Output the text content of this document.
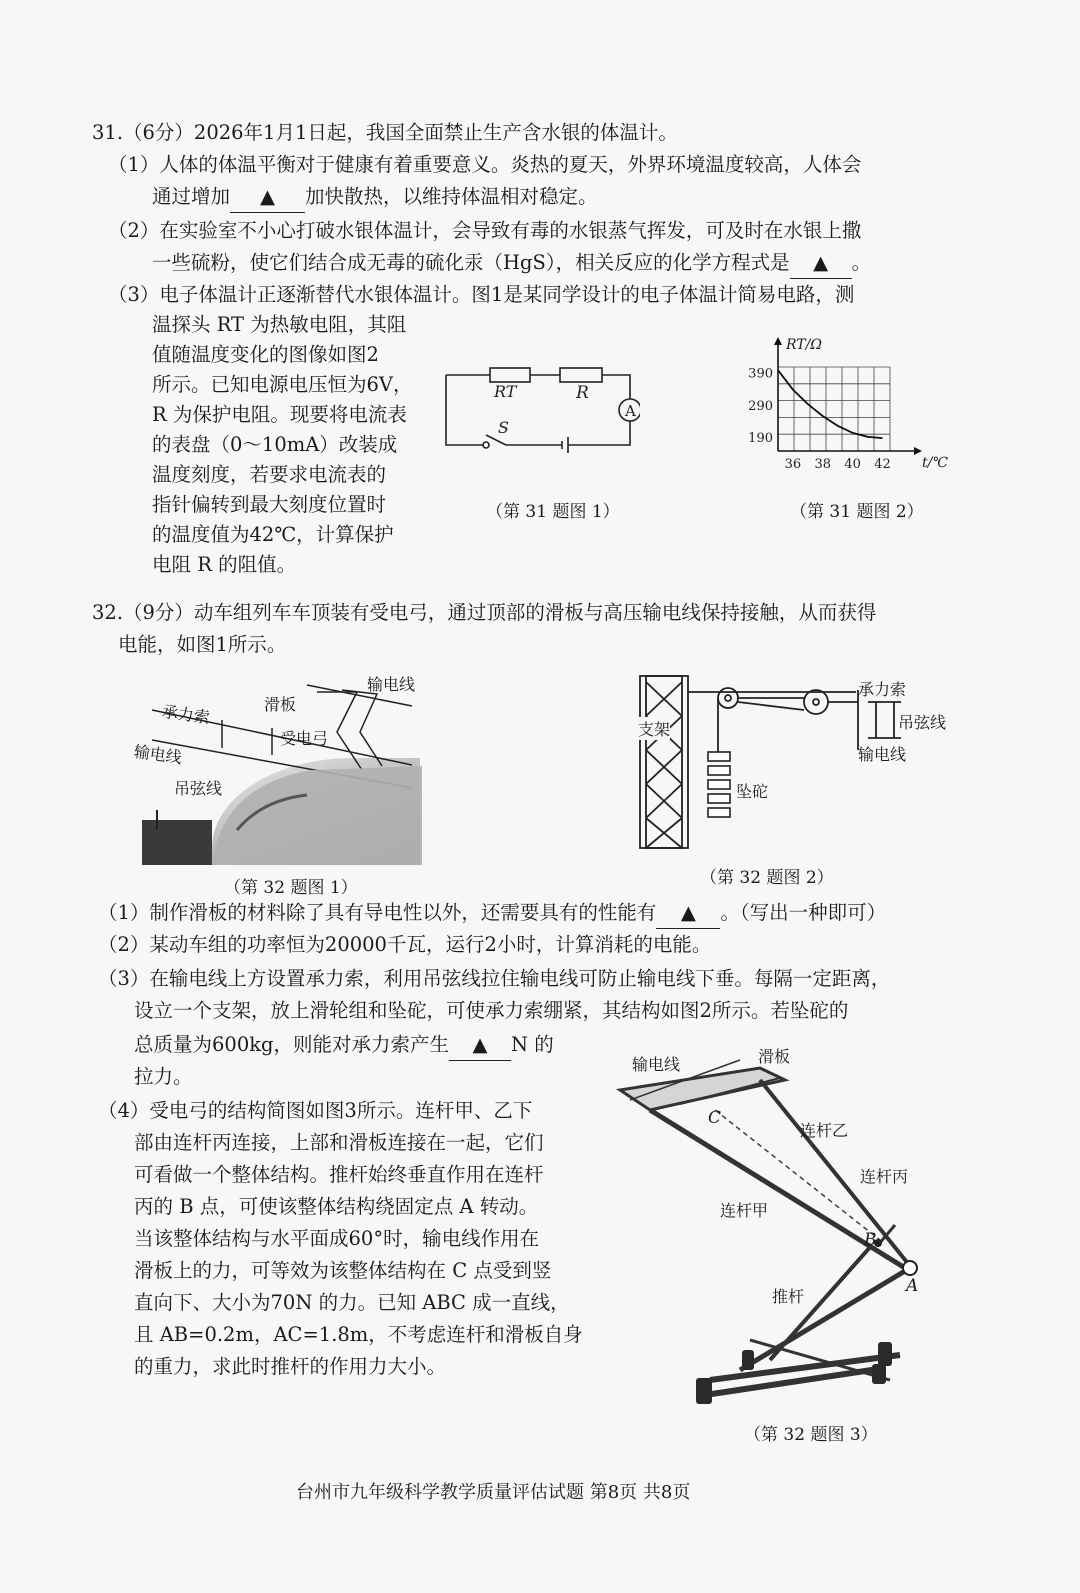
31.（6分）2026年1月1日起，我国全面禁止生产含水银的体温计。
（1）人体的体温平衡对于健康有着重要意义。炎热的夏天，外界环境温度较高，人体会
通过增加 ▲ 加快散热，以维持体温相对稳定。
（2）在实验室不小心打破水银体温计，会导致有毒的水银蒸气挥发，可及时在水银上撒
一些硫粉，使它们结合成无毒的硫化汞（HgS），相关反应的化学方程式是 ▲ 。
（3）电子体温计正逐渐替代水银体温计。图1是某同学设计的电子体温计简易电路，测
温探头 RT 为热敏电阻，其阻
值随温度变化的图像如图2
所示。已知电源电压恒为6V，
R 为保护电阻。现要将电流表
的表盘（0～10mA）改装成
温度刻度，若要求电流表的
指针偏转到最大刻度位置时
的温度值为42℃，计算保护
电阻 R 的阻值。
RT	R
A
S
（第 31 题图 1）
36 38 40 42
190
290
390
RT/Ω
t/℃
（第 31 题图 2）
32.（9分）动车组列车车顶装有受电弓，通过顶部的滑板与高压输电线保持接触，从而获得
电能，如图1所示。
输电线
滑板
承力索
受电弓
输电线
吊弦线
（第 32 题图 1）
支架
坠砣
承力索
吊弦线
输电线
（第 32 题图 2）
（1）制作滑板的材料除了具有导电性以外，还需要具有的性能有 ▲ 。（写出一种即可）
（2）某动车组的功率恒为20000千瓦，运行2小时，计算消耗的电能。
（3）在输电线上方设置承力索，利用吊弦线拉住输电线可防止输电线下垂。每隔一定距离，
设立一个支架，放上滑轮组和坠砣，可使承力索绷紧，其结构如图2所示。若坠砣的
总质量为600kg，则能对承力索产生 ▲ N 的
拉力。
（4）受电弓的结构简图如图3所示。连杆甲、乙下
部由连杆丙连接，上部和滑板连接在一起，它们
可看做一个整体结构。推杆始终垂直作用在连杆
丙的 B 点，可使该整体结构绕固定点 A 转动。
当该整体结构与水平面成60°时，输电线作用在
滑板上的力，可等效为该整体结构在 C 点受到竖
直向下、大小为70N 的力。已知 ABC 成一直线，
且 AB=0.2m，AC=1.8m，不考虑连杆和滑板自身
的重力，求此时推杆的作用力大小。
输电线	滑板
C
连杆乙
连杆丙
连杆甲
B
A
推杆
（第 32 题图 3）
台州市九年级科学教学质量评估试题 第8页 共8页
